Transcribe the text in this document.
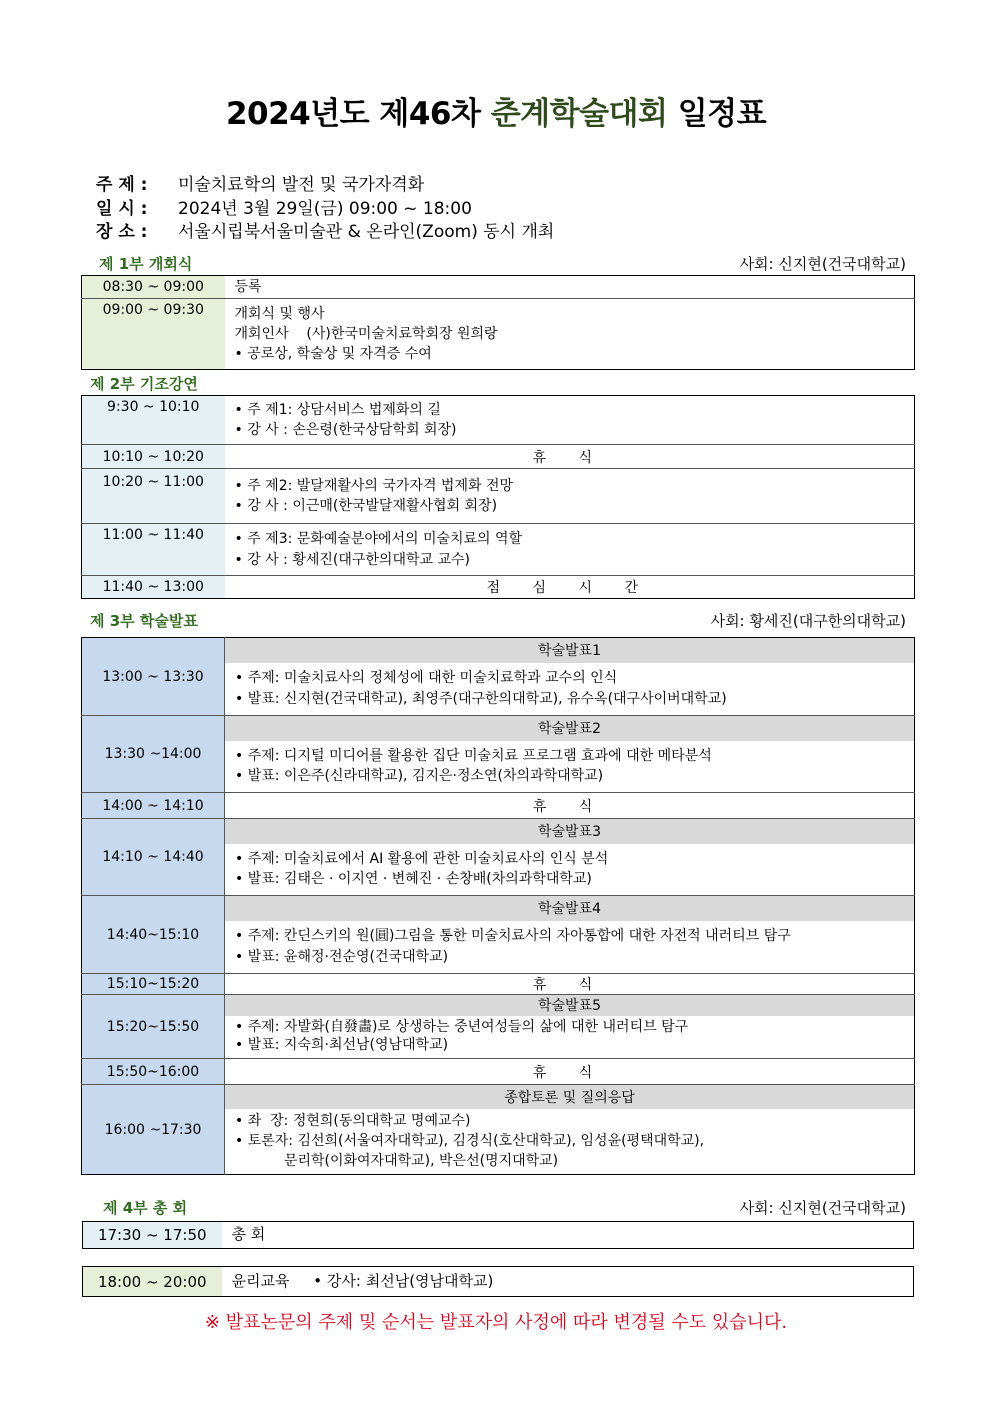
2024년도 제46차 춘계학술대회 일정표
주 제 : 미술치료학의 발전 및 국가자격화
일 시 : 2024년 3월 29일(금) 09:00 ~ 18:00
장 소 : 서울시립북서울미술관 & 온라인(Zoom) 동시 개최
제 1부 개회식	사회: 신지현(건국대학교)
08:30 ~ 09:00	등록
09:00 ~ 09:30	개회식 및 행사
개회인사    (사)한국미술치료학회장 원희랑
• 공로상, 학술상 및 자격증 수여
제 2부 기조강연
9:30 ~ 10:10	• 주 제1: 상담서비스 법제화의 길
• 강 사 : 손은령(한국상담학회 회장)

10:10 ~ 10:20	휴 식
10:20 ~ 11:00	• 주 제2: 발달재활사의 국가자격 법제화 전망
• 강 사 : 이근매(한국발달재활사협회 회장)

11:00 ~ 11:40	• 주 제3: 문화예술분야에서의 미술치료의 역할
• 강 사 : 황세진(대구한의대학교 교수)

11:40 ~ 13:00	점 심 시 간
제 3부 학술발표	사회: 황세진(대구한의대학교)
13:00 ~ 13:30	학술발표1

	• 주제: 미술치료사의 정체성에 대한 미술치료학과 교수의 인식
• 발표: 신지현(건국대학교), 최영주(대구한의대학교), 유수옥(대구사이버대학교)

13:30 ~14:00	학술발표2

	• 주제: 디지털 미디어를 활용한 집단 미술치료 프로그램 효과에 대한 메타분석
• 발표: 이은주(신라대학교), 김지은·정소연(차의과학대학교)

14:00 ~ 14:10	휴 식
14:10 ~ 14:40	학술발표3

	• 주제: 미술치료에서 AI 활용에 관한 미술치료사의 인식 분석
• 발표: 김태은 · 이지연 · 변혜진 · 손창배(차의과학대학교)

14:40~15:10	학술발표4

	• 주제: 칸딘스키의 원(圓)그림을 통한 미술치료사의 자아통합에 대한 자전적 내러티브 탐구
• 발표: 윤해정·전순영(건국대학교)

15:10~15:20	휴 식
15:20~15:50	학술발표5

	• 주제: 자발화(自發畵)로 상생하는 중년여성들의 삶에 대한 내러티브 탐구
• 발표: 지숙희·최선남(영남대학교)

15:50~16:00	휴 식
16:00 ~17:30	종합토론 및 질의응답

	• 좌  장: 정현희(동의대학교 명예교수)
• 토론자: 김선희(서울여자대학교), 김경식(호산대학교), 임성윤(평택대학교),
문리학(이화여자대학교), 박은선(명지대학교)
제 4부 총 회	사회: 신지현(건국대학교)
17:30 ~ 17:50	총 회
18:00 ~ 20:00	윤리교육     • 강사: 최선남(영남대학교)
※ 발표논문의 주제 및 순서는 발표자의 사정에 따라 변경될 수도 있습니다.
